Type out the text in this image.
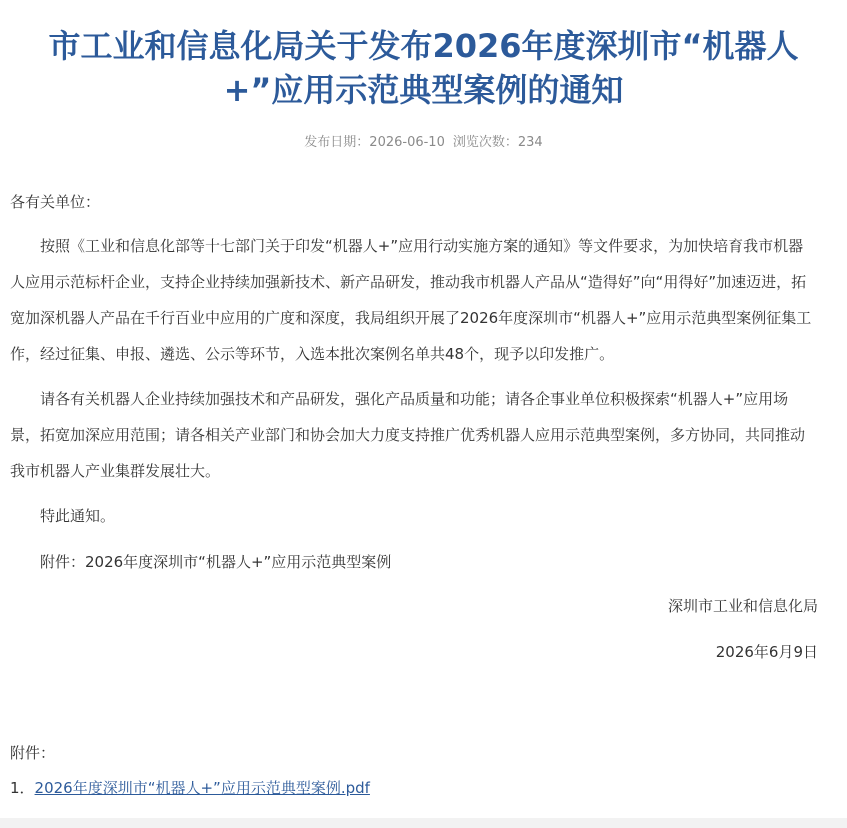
市工业和信息化局关于发布2026年度深圳市“机器人+”应用示范典型案例的通知
发布日期：2026-06-10 浏览次数：234

各有关单位：

按照《工业和信息化部等十七部门关于印发“机器人+”应用行动实施方案的通知》等文件要求，为加快培育我市机器人应用示范标杆企业，支持企业持续加强新技术、新产品研发，推动我市机器人产品从“造得好”向“用得好”加速迈进，拓宽加深机器人产品在千行百业中应用的广度和深度，我局组织开展了2026年度深圳市“机器人+”应用示范典型案例征集工作，经过征集、申报、遴选、公示等环节，入选本批次案例名单共48个，现予以印发推广。

请各有关机器人企业持续加强技术和产品研发，强化产品质量和功能；请各企事业单位积极探索“机器人+”应用场景，拓宽加深应用范围；请各相关产业部门和协会加大力度支持推广优秀机器人应用示范典型案例，多方协同，共同推动我市机器人产业集群发展壮大。

特此通知。

附件：2026年度深圳市“机器人+”应用示范典型案例

深圳市工业和信息化局

2026年6月9日

附件：

1．2026年度深圳市“机器人+”应用示范典型案例.pdf
